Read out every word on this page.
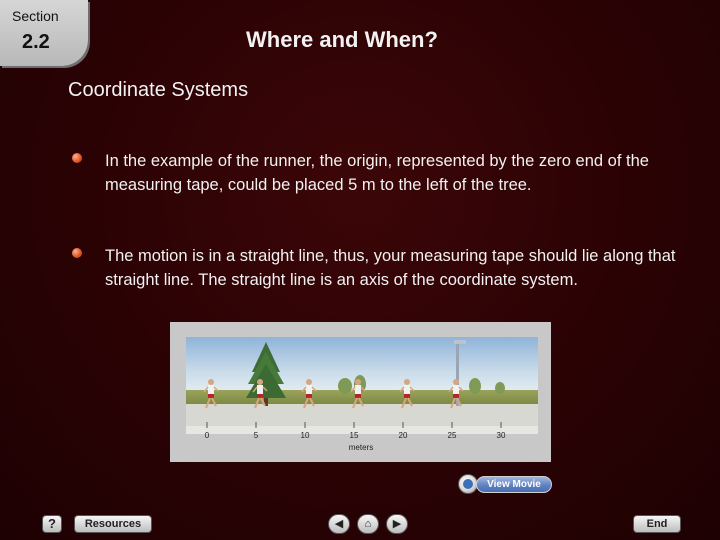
Section
2.2	Where and When?
Coordinate Systems
In the example of the runner, the origin, represented by the zero end of the measuring tape, could be placed 5 m to the left of the tree.
The motion is in a straight line, thus, your measuring tape should lie along that straight line. The straight line is an axis of the coordinate system.
0	5	10	15	20	25	30
meters
View Movie
?	Resources	◀	⌂	▶	End
